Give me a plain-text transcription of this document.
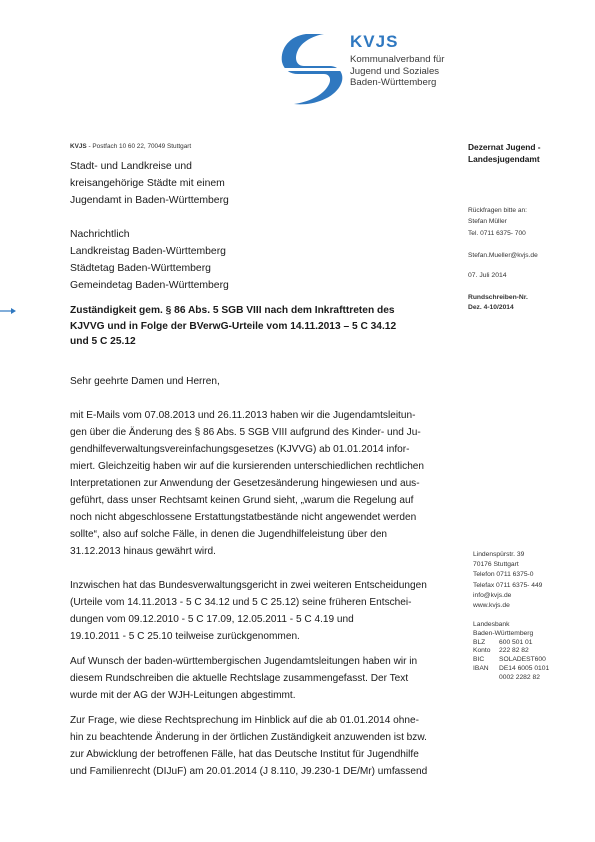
KVJS
Kommunalverband für
Jugend und Soziales
Baden-Württemberg
KVJS - Postfach 10 60 22, 70049 Stuttgart
Stadt- und Landkreise und
kreisangehörige Städte mit einem
Jugendamt in Baden-Württemberg
Nachrichtlich
Landkreistag Baden-Württemberg
Städtetag Baden-Württemberg
Gemeindetag Baden-Württemberg
Zuständigkeit gem. § 86 Abs. 5 SGB VIII nach dem Inkrafttreten des
KJVVG und in Folge der BVerwG-Urteile vom 14.11.2013 – 5 C 34.12
und 5 C 25.12
Sehr geehrte Damen und Herren,
mit E-Mails vom 07.08.2013 und 26.11.2013 haben wir die Jugendamtsleitun-
gen über die Änderung des § 86 Abs. 5 SGB VIII aufgrund des Kinder- und Ju-
gendhilfeverwaltungsvereinfachungsgesetzes (KJVVG) ab 01.01.2014 infor-
miert. Gleichzeitig haben wir auf die kursierenden unterschiedlichen rechtlichen
Interpretationen zur Anwendung der Gesetzesänderung hingewiesen und aus-
geführt, dass unser Rechtsamt keinen Grund sieht, „warum die Regelung auf
noch nicht abgeschlossene Erstattungstatbestände nicht angewendet werden
sollte“, also auf solche Fälle, in denen die Jugendhilfeleistung über den
31.12.2013 hinaus gewährt wird.
Inzwischen hat das Bundesverwaltungsgericht in zwei weiteren Entscheidungen
(Urteile vom 14.11.2013 - 5 C 34.12 und 5 C 25.12) seine früheren Entschei-
dungen vom 09.12.2010 - 5 C 17.09, 12.05.2011 - 5 C 4.19 und
19.10.2011 - 5 C 25.10 teilweise zurückgenommen.
Auf Wunsch der baden-württembergischen Jugendamtsleitungen haben wir in
diesem Rundschreiben die aktuelle Rechtslage zusammengefasst. Der Text
wurde mit der AG der WJH-Leitungen abgestimmt.
Zur Frage, wie diese Rechtsprechung im Hinblick auf die ab 01.01.2014 ohne-
hin zu beachtende Änderung in der örtlichen Zuständigkeit anzuwenden ist bzw.
zur Abwicklung der betroffenen Fälle, hat das Deutsche Institut für Jugendhilfe
und Familienrecht (DIJuF) am 20.01.2014 (J 8.110, J9.230-1 DE/Mr) umfassend
Dezernat Jugend -
Landesjugendamt
Rückfragen bitte an:
Stefan Müller
Tel. 0711 6375- 700
Stefan.Mueller@kvjs.de
07. Juli 2014
Rundschreiben-Nr.
Dez. 4-10/2014
Lindenspürstr. 39
70176 Stuttgart
Telefon 0711 6375-0
Telefax 0711 6375- 449
info@kvjs.de
www.kvjs.de
Landesbank
Baden-Württemberg
BLZ	600 501 01
Konto	222 82 82
BIC	SOLADEST600
IBAN	DE14 6005 0101
0002 2282 82
